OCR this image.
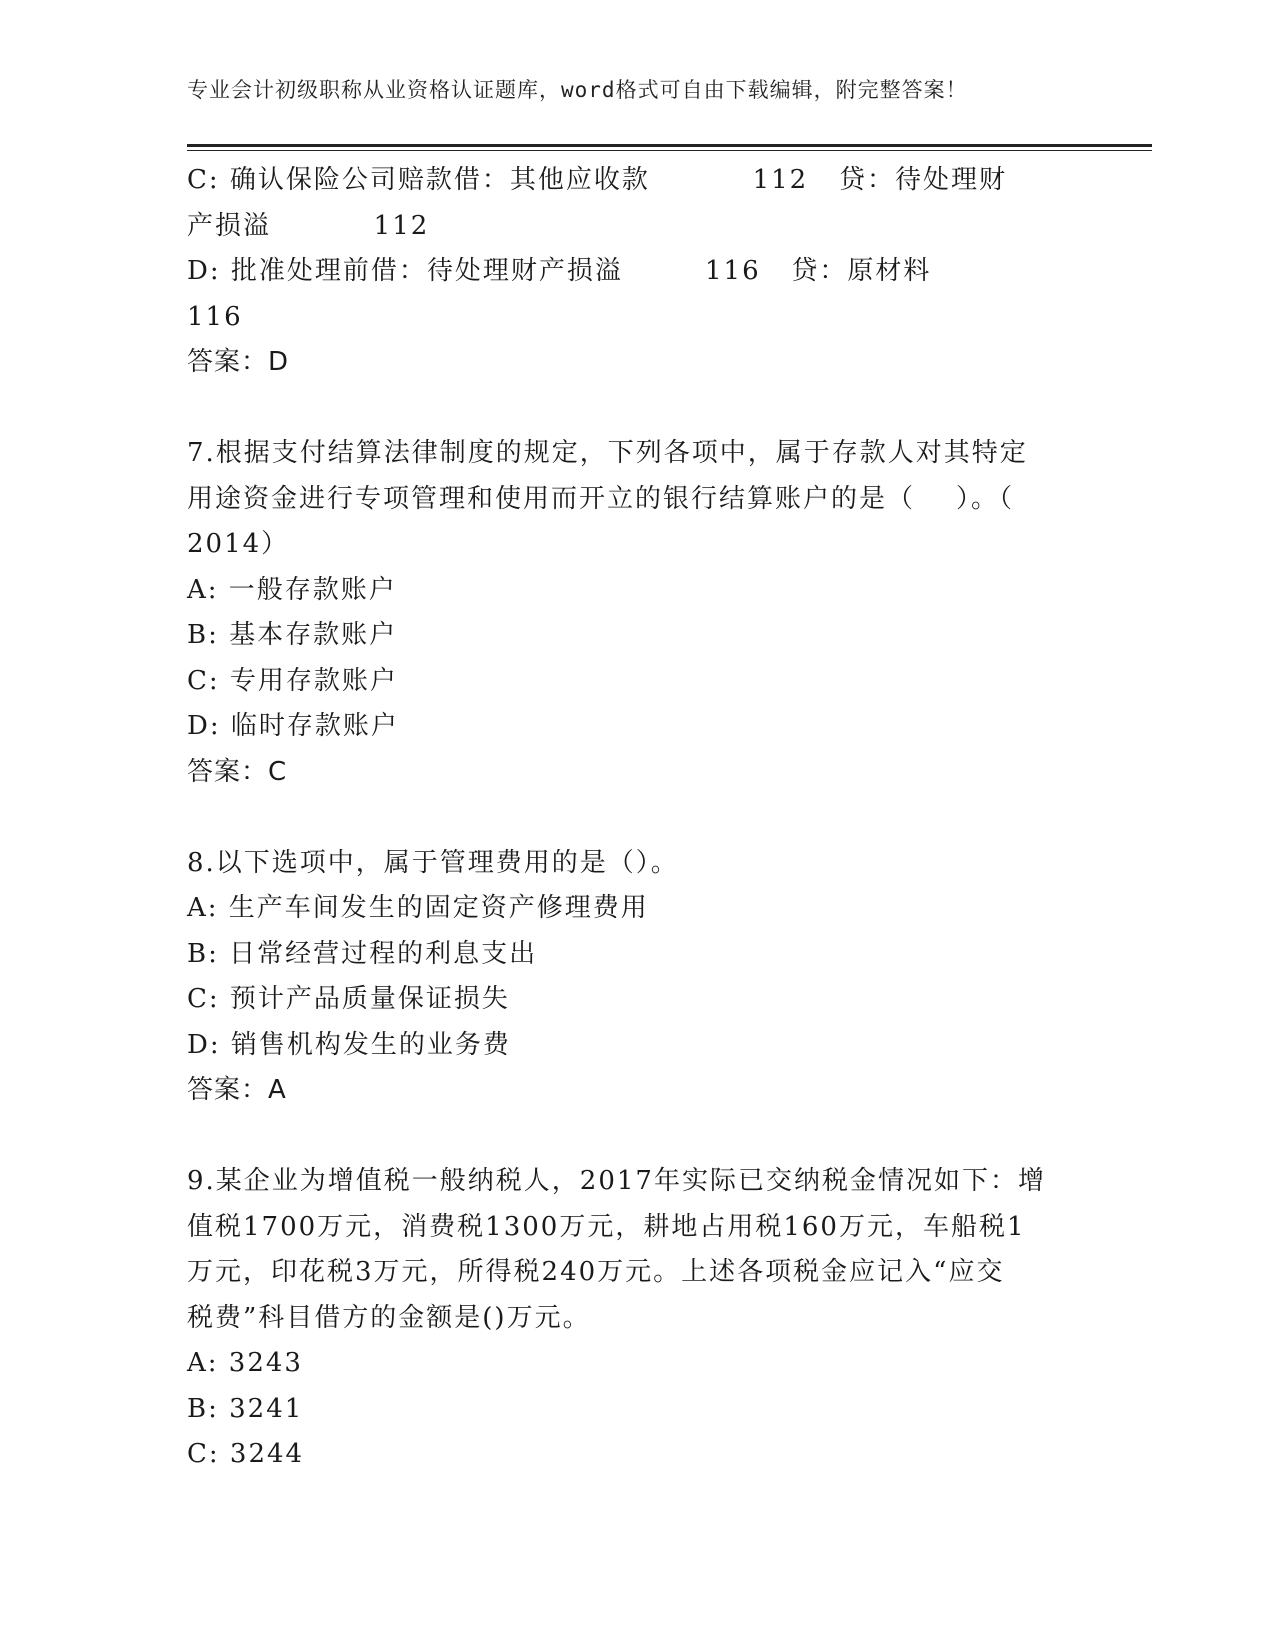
专业会计初级职称从业资格认证题库，word格式可自由下载编辑，附完整答案！
C: 确认保险公司赔款借：其他应收款          112   贷：待处理财
产损溢          112
D: 批准处理前借：待处理财产损溢        116   贷：原材料
116
答案：D
7.根据支付结算法律制度的规定，下列各项中，属于存款人对其特定
用途资金进行专项管理和使用而开立的银行结算账户的是（    ）。（
2014）
A: 一般存款账户
B: 基本存款账户
C: 专用存款账户
D: 临时存款账户
答案：C
8.以下选项中，属于管理费用的是（）。
A: 生产车间发生的固定资产修理费用
B: 日常经营过程的利息支出
C: 预计产品质量保证损失
D: 销售机构发生的业务费
答案：A
9.某企业为增值税一般纳税人，2017年实际已交纳税金情况如下：增
值税1700万元，消费税1300万元，耕地占用税160万元，车船税1
万元，印花税3万元，所得税240万元。上述各项税金应记入“应交
税费”科目借方的金额是()万元。
A: 3243
B: 3241
C: 3244
